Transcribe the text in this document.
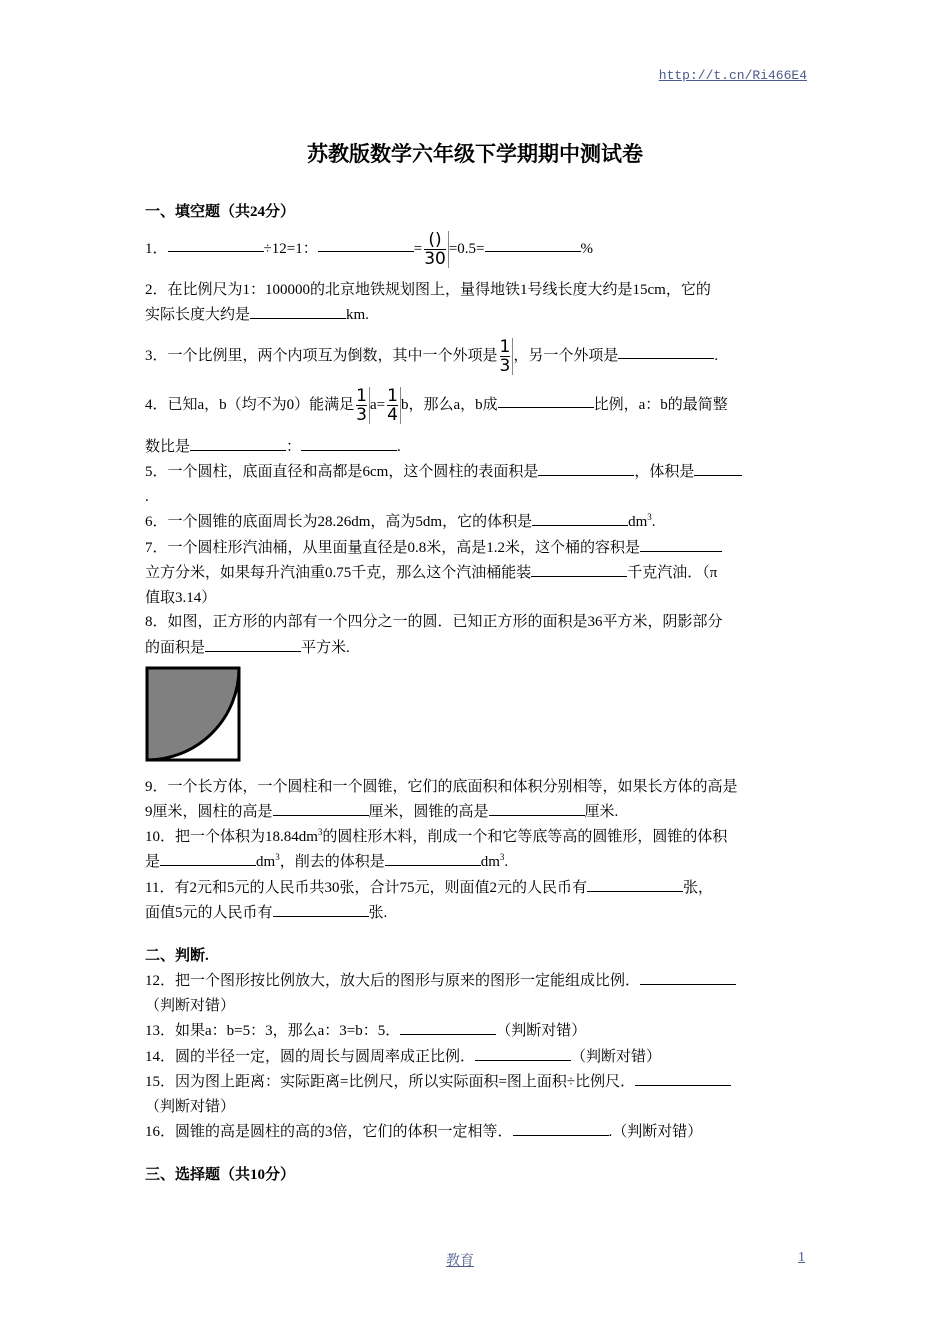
http://t.cn/Ri466E4
苏教版数学六年级下学期期中测试卷

一、填空题（共24分）

1．	÷12=1：	= $\frac{()}{30} =0.5=$	%

2．在比例尺为1：100000的北京地铁规划图上，量得地铁1号线长度大约是15cm，它的
实际长度大约是	km.

3．一个比例里，两个内项互为倒数，其中一个外项是 $\frac{1}{3}$ ，另一个外项是	.

4．已知a，b（均不为0）能满足 $\frac{1}{3} a= \frac{1}{4}$ b，那么a，b成	比例，a：b的最简整

数比是	：	.

5．一个圆柱，底面直径和高都是6cm，这个圆柱的表面积是	，体积是
.

6．一个圆锥的底面周长为28.26dm，高为5dm，它的体积是	$dm^3$.

7．一个圆柱形汽油桶，从里面量直径是0.8米，高是1.2米，这个桶的容积是
立方分米，如果每升汽油重0.75千克，那么这个汽油桶能装	千克汽油．（π
值取3.14）

8．如图，正方形的内部有一个四分之一的圆．已知正方形的面积是36平方米，阴影部分
的面积是	平方米.

9．一个长方体，一个圆柱和一个圆锥，它们的底面积和体积分别相等，如果长方体的高是
9厘米，圆柱的高是	厘米，圆锥的高是	厘米.

10．把一个体积为$18.84dm^3$的圆柱形木料，削成一个和它等底等高的圆锥形，圆锥的体积
是	$dm^3$，削去的体积是	$dm^3$.

11．有2元和5元的人民币共30张，合计75元，则面值2元的人民币有	张，
面值5元的人民币有	张.

二、判断.

12．把一个图形按比例放大，放大后的图形与原来的图形一定能组成比例．
（判断对错）

13．如果a：b=5：3，那么a：3=b：5．	（判断对错）

14．圆的半径一定，圆的周长与圆周率成正比例．	（判断对错）

15．因为图上距离：实际距离=比例尺，所以实际面积=图上面积÷比例尺．
（判断对错）

16．圆锥的高是圆柱的高的3倍，它们的体积一定相等．	.（判断对错）

三、选择题（共10分）

教育	1
